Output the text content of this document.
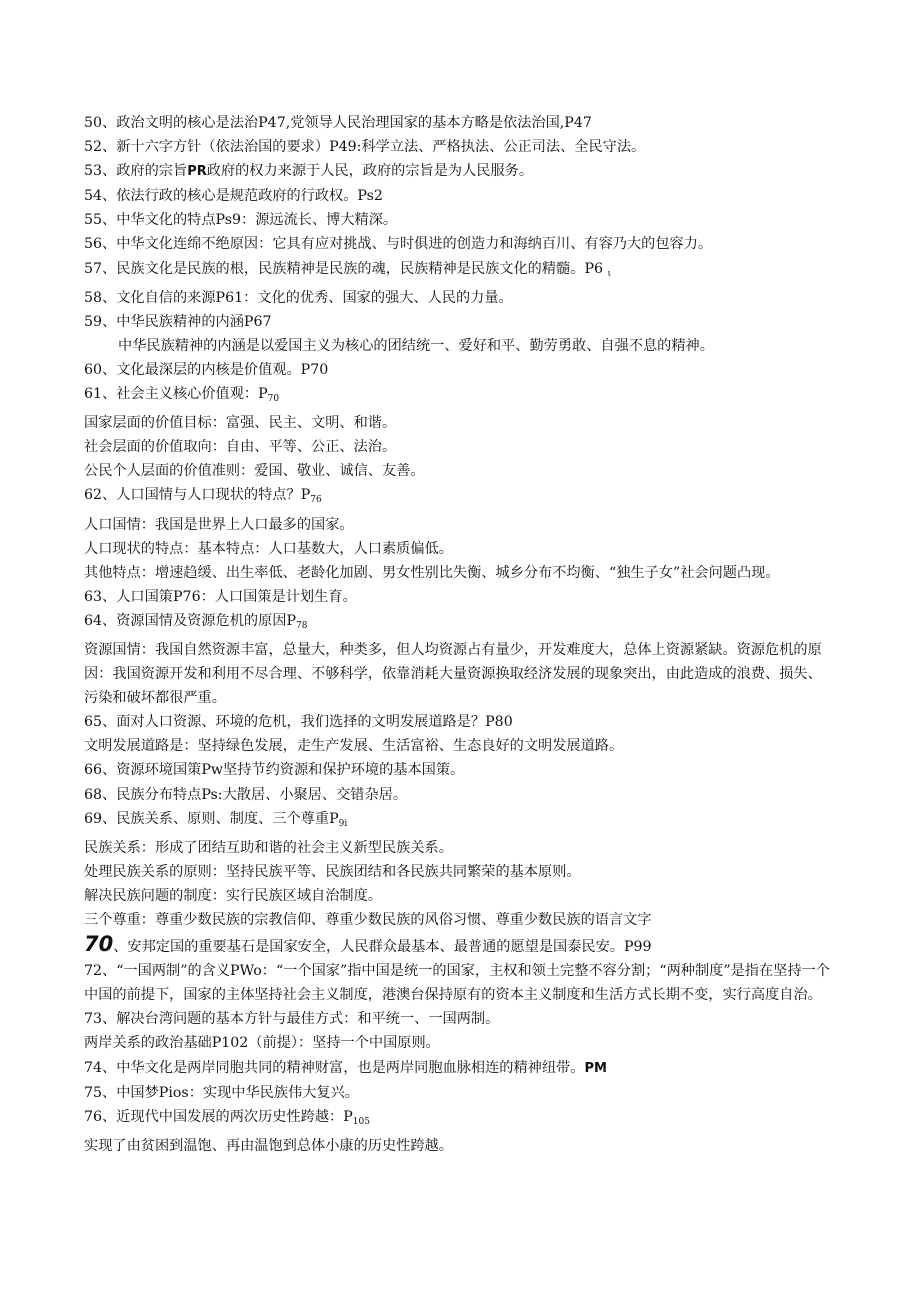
50、政治文明的核心是法治P47,党领导人民治理国家的基本方略是依法治国,P47

52、新十六字方针（依法治国的要求）P49:科学立法、严格执法、公正司法、全民守法。

53、政府的宗旨PR政府的权力来源于人民，政府的宗旨是为人民服务。

54、依法行政的核心是规范政府的行政权。Ps2

55、中华文化的特点Ps9：源远流长、博大精深。

56、中华文化连绵不绝原因：它具有应对挑战、与时俱进的创造力和海纳百川、有容乃大的包容力。

57、民族文化是民族的根，民族精神是民族的魂，民族精神是民族文化的精髓。P6 $_\iota$

58、文化自信的来源P61：文化的优秀、国家的强大、人民的力量。

59、中华民族精神的内涵P67

中华民族精神的内涵是以爱国主义为核心的团结统一、爱好和平、勤劳勇敢、自强不息的精神。

60、文化最深层的内核是价值观。P70

61、社会主义核心价值观：$P_{70}$

国家层面的价值目标：富强、民主、文明、和谐。

社会层面的价值取向：自由、平等、公正、法治。

公民个人层面的价值准则：爱国、敬业、诚信、友善。

62、人口国情与人口现状的特点？$P_{76}$

人口国情：我国是世界上人口最多的国家。

人口现状的特点：基本特点：人口基数大，人口素质偏低。

其他特点：增速趋缓、出生率低、老龄化加剧、男女性别比失衡、城乡分布不均衡、“独生子女”社会问题凸现。

63、人口国策P76：人口国策是计划生育。

64、资源国情及资源危机的原因$P_{78}$

资源国情：我国自然资源丰富，总量大，种类多，但人均资源占有量少，开发难度大，总体上资源紧缺。资源危机的原因：我国资源开发和利用不尽合理、不够科学，依靠消耗大量资源换取经济发展的现象突出，由此造成的浪费、损失、污染和破坏都很严重。

65、面对人口资源、环境的危机，我们选择的文明发展道路是？P80

文明发展道路是：坚持绿色发展，走生产发展、生活富裕、生态良好的文明发展道路。

66、资源环境国策Pw坚持节约资源和保护环境的基本国策。

68、民族分布特点Ps:大散居、小聚居、交错杂居。

69、民族关系、原则、制度、三个尊重$P_{9i}$

民族关系：形成了团结互助和谐的社会主义新型民族关系。

处理民族关系的原则：坚持民族平等、民族团结和各民族共同繁荣的基本原则。

解决民族问题的制度：实行民族区域自治制度。

三个尊重：尊重少数民族的宗教信仰、尊重少数民族的风俗习惯、尊重少数民族的语言文字

70、安邦定国的重要基石是国家安全，人民群众最基本、最普通的愿望是国泰民安。P99

72、“一国两制”的含义PWo：“一个国家”指中国是统一的国家，主权和领土完整不容分割；“两种制度”是指在坚持一个中国的前提下，国家的主体坚持社会主义制度，港澳台保持原有的资本主义制度和生活方式长期不变，实行高度自治。

73、解决台湾问题的基本方针与最佳方式：和平统一、一国两制。

两岸关系的政治基础P102（前提）：坚持一个中国原则。

74、中华文化是两岸同胞共同的精神财富，也是两岸同胞血脉相连的精神纽带。PM

75、中国梦Pios：实现中华民族伟大复兴。

76、近现代中国发展的两次历史性跨越：$P_{105}$

实现了由贫困到温饱、再由温饱到总体小康的历史性跨越。
